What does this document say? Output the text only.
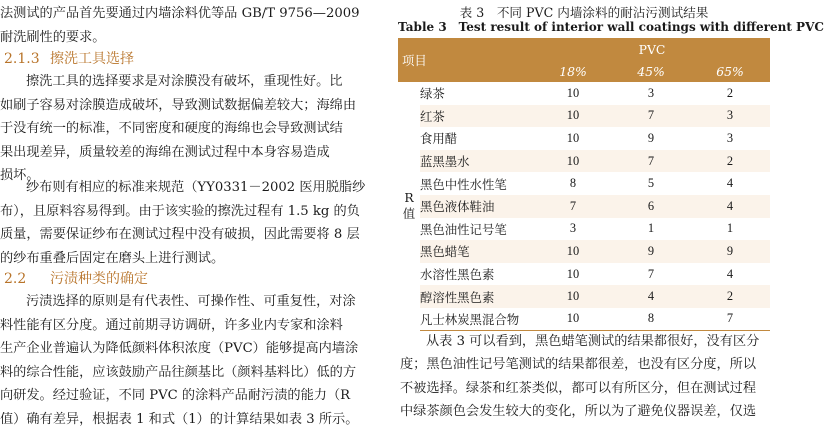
法测试的产品首先要通过内墙涂料优等品 GB/T 9756—2009

耐洗刷性的要求。

2.1.3 擦洗工具选择

擦洗工具的选择要求是对涂膜没有破坏，重现性好。比

如刷子容易对涂膜造成破坏，导致测试数据偏差较大；海绵由

于没有统一的标准，不同密度和硬度的海绵也会导致测试结

果出现差异，质量较差的海绵在测试过程中本身容易造成

损坏。

纱布则有相应的标准来规范（YY0331－2002 医用脱脂纱

布），且原料容易得到。由于该实验的擦洗过程有 1.5 kg 的负

质量，需要保证纱布在测试过程中没有破损，因此需要将 8 层

的纱布重叠后固定在磨头上进行测试。

2.2 污渍种类的确定

污渍选择的原则是有代表性、可操作性、可重复性，对涂

料性能有区分度。通过前期寻访调研，许多业内专家和涂料

生产企业普遍认为降低颜料体积浓度（PVC）能够提高内墙涂

料的综合性能，应该鼓励产品往颜基比（颜料基料比）低的方

向研发。经过验证，不同 PVC 的涂料产品耐污渍的能力（R

值）确有差异，根据表 1 和式（1）的计算结果如表 3 所示。

表 3　不同 PVC 内墙涂料的耐沾污测试结果
Table 3　Test result of interior wall coatings with different PVC
项目		PVC		
		18%	45%	65%

R
值	绿茶	10	3	2
	红茶	10	7	3
	食用醋	10	9	3
	蓝黑墨水	10	7	2
	黑色中性水性笔	8	5	4
	黑色液体鞋油	7	6	4
	黑色油性记号笔	3	1	1
	黑色蜡笔	10	9	9
	水溶性黑色素	10	7	4
	醇溶性黑色素	10	4	2
	凡士林炭黑混合物	10	8	7

从表 3 可以看到，黑色蜡笔测试的结果都很好，没有区分

度；黑色油性记号笔测试的结果都很差，也没有区分度，所以

不被选择。绿茶和红茶类似，都可以有所区分，但在测试过程

中绿茶颜色会发生较大的变化，所以为了避免仪器误差，仅选
